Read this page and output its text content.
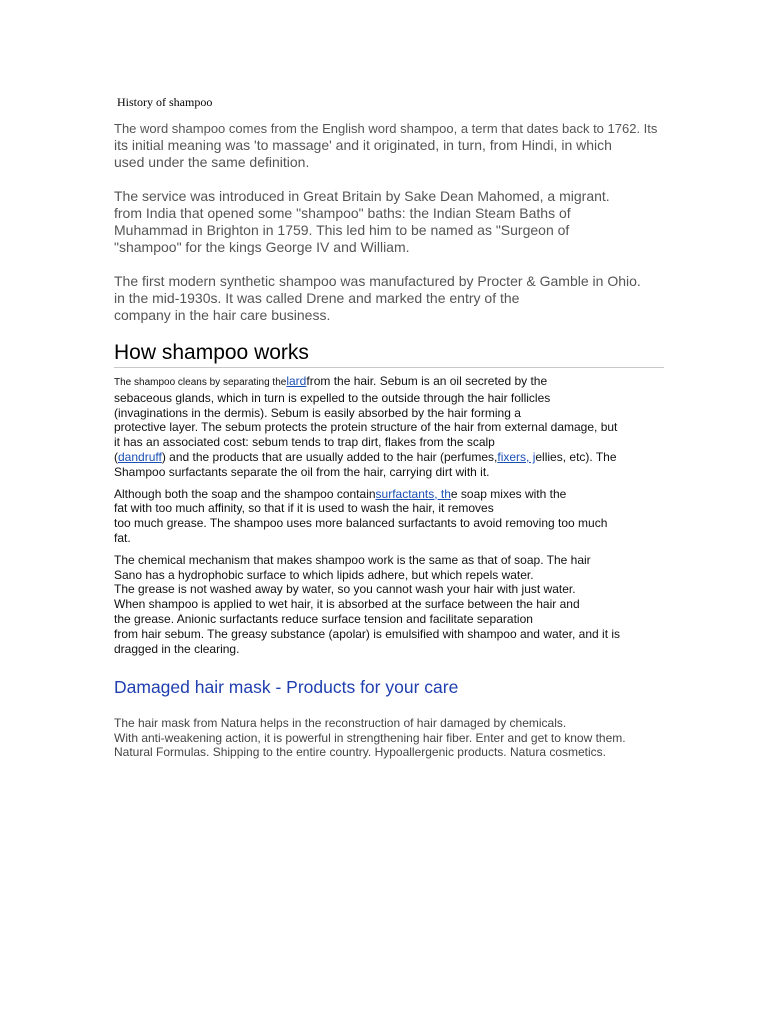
History of shampoo

The word shampoo comes from the English word shampoo, a term that dates back to 1762. Its
its initial meaning was 'to massage' and it originated, in turn, from Hindi, in which
used under the same definition.

The service was introduced in Great Britain by Sake Dean Mahomed, a migrant.
from India that opened some "shampoo" baths: the Indian Steam Baths of
Muhammad in Brighton in 1759. This led him to be named as "Surgeon of
"shampoo" for the kings George IV and William.

The first modern synthetic shampoo was manufactured by Procter & Gamble in Ohio.
in the mid-1930s. It was called Drene and marked the entry of the
company in the hair care business.

How shampoo works

The shampoo cleans by separating thelardfrom the hair. Sebum is an oil secreted by the
sebaceous glands, which in turn is expelled to the outside through the hair follicles
(invaginations in the dermis). Sebum is easily absorbed by the hair forming a
protective layer. The sebum protects the protein structure of the hair from external damage, but
it has an associated cost: sebum tends to trap dirt, flakes from the scalp
(dandruff) and the products that are usually added to the hair (perfumes,fixers, jellies, etc). The
Shampoo surfactants separate the oil from the hair, carrying dirt with it.

Although both the soap and the shampoo containsurfactants, the soap mixes with the
fat with too much affinity, so that if it is used to wash the hair, it removes
too much grease. The shampoo uses more balanced surfactants to avoid removing too much
fat.

The chemical mechanism that makes shampoo work is the same as that of soap. The hair
Sano has a hydrophobic surface to which lipids adhere, but which repels water.
The grease is not washed away by water, so you cannot wash your hair with just water.
When shampoo is applied to wet hair, it is absorbed at the surface between the hair and
the grease. Anionic surfactants reduce surface tension and facilitate separation
from hair sebum. The greasy substance (apolar) is emulsified with shampoo and water, and it is
dragged in the clearing.

Damaged hair mask - Products for your care

The hair mask from Natura helps in the reconstruction of hair damaged by chemicals.
With anti-weakening action, it is powerful in strengthening hair fiber. Enter and get to know them.
Natural Formulas. Shipping to the entire country. Hypoallergenic products. Natura cosmetics.
